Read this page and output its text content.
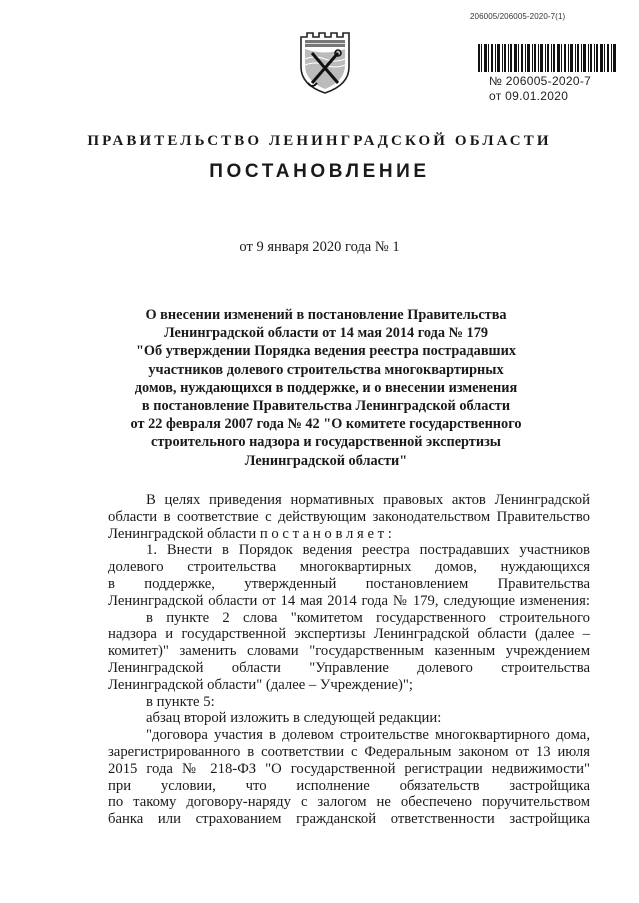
206005/206005-2020-7(1)
№ 206005-2020-7
от 09.01.2020
ПРАВИТЕЛЬСТВО ЛЕНИНГРАДСКОЙ ОБЛАСТИ
ПОСТАНОВЛЕНИЕ
от 9 января 2020 года № 1
О внесении изменений в постановление Правительства
Ленинградской области от 14 мая 2014 года № 179
"Об утверждении Порядка ведения реестра пострадавших
участников долевого строительства многоквартирных
домов, нуждающихся в поддержке, и о внесении изменения
в постановление Правительства Ленинградской области
от 22 февраля 2007 года № 42 "О комитете государственного
строительного надзора и государственной экспертизы
Ленинградской области"
В целях приведения нормативных правовых актов Ленинградской
области в соответствие с действующим законодательством Правительство
Ленинградской области п о с т а н о в л я е т :
1. Внести в Порядок ведения реестра пострадавших участников
долевого строительства многоквартирных домов, нуждающихся
в поддержке, утвержденный постановлением Правительства
Ленинградской области от 14 мая 2014 года № 179, следующие изменения:
в пункте 2 слова "комитетом государственного строительного
надзора и государственной экспертизы Ленинградской области (далее –
комитет)" заменить словами "государственным казенным учреждением
Ленинградской области "Управление долевого строительства
Ленинградской области" (далее – Учреждение)";
в пункте 5:
абзац второй изложить в следующей редакции:
"договора участия в долевом строительстве многоквартирного дома,
зарегистрированного в соответствии с Федеральным законом от 13 июля
2015 года № 218-ФЗ "О государственной регистрации недвижимости"
при условии, что исполнение обязательств застройщика
по такому договору-наряду с залогом не обеспечено поручительством
банка или страхованием гражданской ответственности застройщика
